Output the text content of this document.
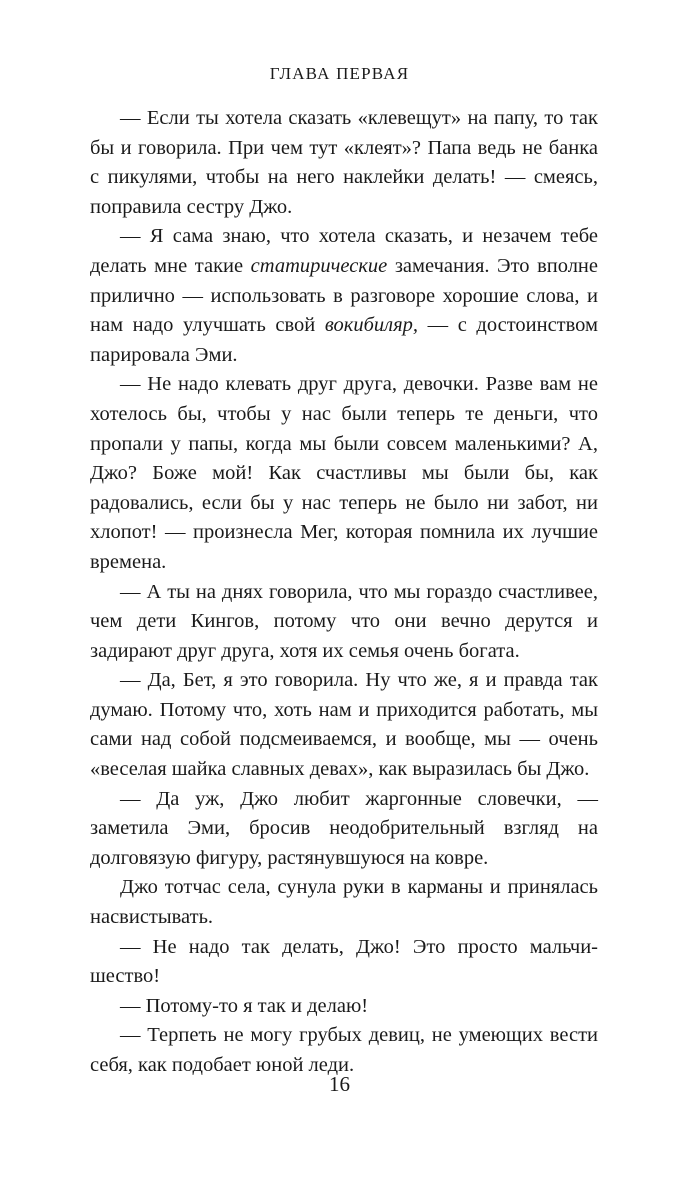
ГЛАВА ПЕРВАЯ

— Если ты хотела сказать «клевещут» на папу, то так бы и говорила. При чем тут «клеят»? Папа ведь не банка с пикулями, чтобы на него наклейки делать! — смеясь, поправила сестру Джо.

— Я сама знаю, что хотела сказать, и незачем тебе делать мне такие статирические замечания. Это вполне прилично — использовать в разговоре хорошие слова, и нам надо улучшать свой вокибиляр, — с достоинством парировала Эми.

— Не надо клевать друг друга, девочки. Разве вам не хотелось бы, чтобы у нас были теперь те деньги, что пропали у папы, когда мы были совсем маленькими? А, Джо? Боже мой! Как счастливы мы были бы, как радовались, если бы у нас теперь не было ни забот, ни хлопот! — произнесла Мег, которая помнила их лучшие времена.

— А ты на днях говорила, что мы гораздо счастливее, чем дети Кингов, потому что они вечно дерутся и задирают друг друга, хотя их семья очень богата.

— Да, Бет, я это говорила. Ну что же, я и правда так думаю. Потому что, хоть нам и приходится работать, мы сами над собой подсмеиваемся, и вообще, мы — очень «веселая шайка славных девах», как выразилась бы Джо.

— Да уж, Джо любит жаргонные словечки, — заметила Эми, бросив неодобрительный взгляд на долговязую фигуру, растянувшуюся на ковре.

Джо тотчас села, сунула руки в карманы и принялась насвистывать.

— Не надо так делать, Джо! Это просто мальчишество!

— Потому-то я так и делаю!

— Терпеть не могу грубых девиц, не умеющих вести себя, как подобает юной леди.

16
